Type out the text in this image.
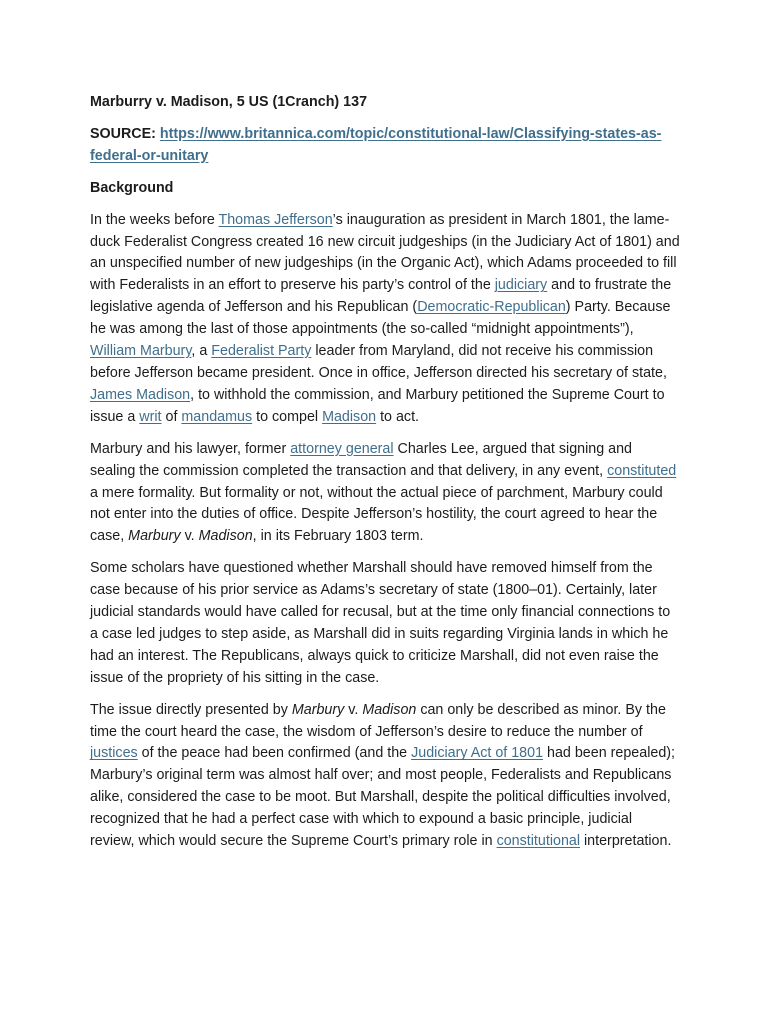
Marburry v. Madison, 5 US (1Cranch) 137

SOURCE: https://www.britannica.com/topic/constitutional-law/Classifying-states-as-federal-or-unitary

Background

In the weeks before Thomas Jefferson’s inauguration as president in March 1801, the lame-duck Federalist Congress created 16 new circuit judgeships (in the Judiciary Act of 1801) and an unspecified number of new judgeships (in the Organic Act), which Adams proceeded to fill with Federalists in an effort to preserve his party’s control of the judiciary and to frustrate the legislative agenda of Jefferson and his Republican (Democratic-Republican) Party. Because he was among the last of those appointments (the so-called “midnight appointments”), William Marbury, a Federalist Party leader from Maryland, did not receive his commission before Jefferson became president. Once in office, Jefferson directed his secretary of state, James Madison, to withhold the commission, and Marbury petitioned the Supreme Court to issue a writ of mandamus to compel Madison to act.

Marbury and his lawyer, former attorney general Charles Lee, argued that signing and sealing the commission completed the transaction and that delivery, in any event, constituted a mere formality. But formality or not, without the actual piece of parchment, Marbury could not enter into the duties of office. Despite Jefferson’s hostility, the court agreed to hear the case, Marbury v. Madison, in its February 1803 term.

Some scholars have questioned whether Marshall should have removed himself from the case because of his prior service as Adams’s secretary of state (1800–01). Certainly, later judicial standards would have called for recusal, but at the time only financial connections to a case led judges to step aside, as Marshall did in suits regarding Virginia lands in which he had an interest. The Republicans, always quick to criticize Marshall, did not even raise the issue of the propriety of his sitting in the case.

The issue directly presented by Marbury v. Madison can only be described as minor. By the time the court heard the case, the wisdom of Jefferson’s desire to reduce the number of justices of the peace had been confirmed (and the Judiciary Act of 1801 had been repealed); Marbury’s original term was almost half over; and most people, Federalists and Republicans alike, considered the case to be moot. But Marshall, despite the political difficulties involved, recognized that he had a perfect case with which to expound a basic principle, judicial review, which would secure the Supreme Court’s primary role in constitutional interpretation.
